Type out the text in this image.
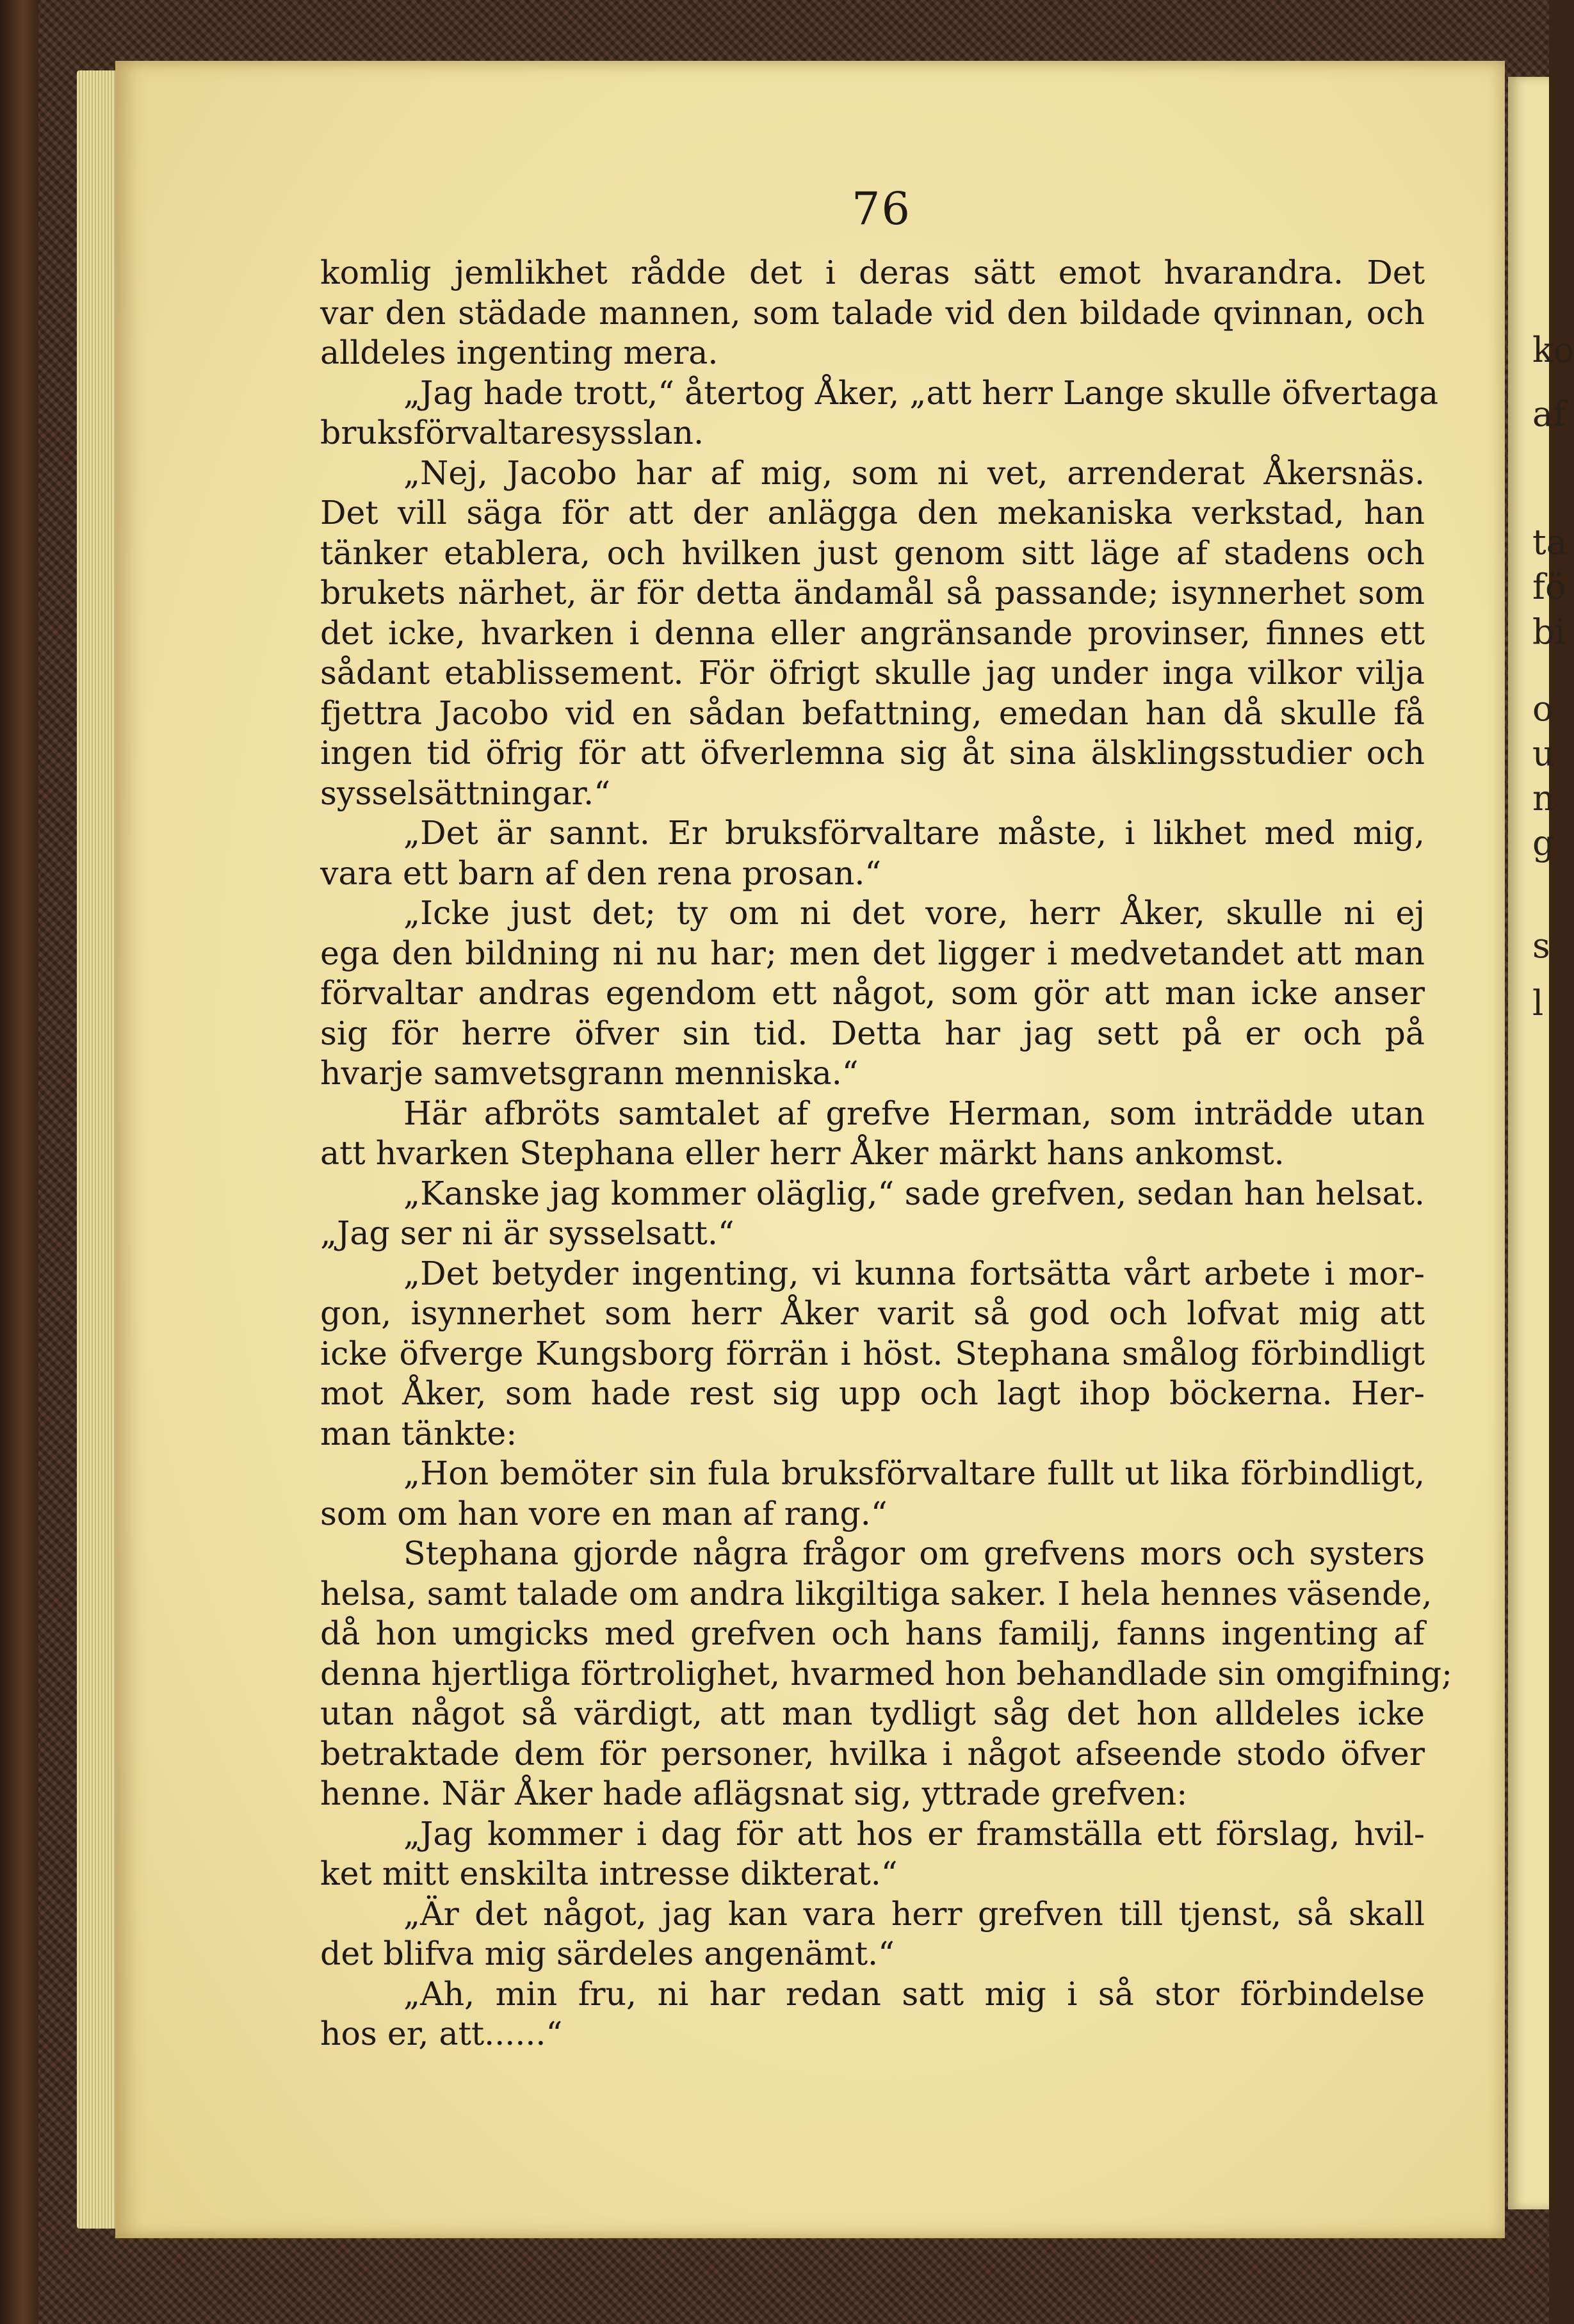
ko
af
ta
fö
bi
o
u
n
g
s
l
76
komlig jemlikhet rådde det i deras sätt emot hvarandra. Det
var den städade mannen, som talade vid den bildade qvinnan, och
alldeles ingenting mera.
„Jag hade trott,“ återtog Åker, „att herr Lange skulle öfvertaga
bruksförvaltaresysslan.
„Nej, Jacobo har af mig, som ni vet, arrenderat Åkersnäs.
Det vill säga för att der anlägga den mekaniska verkstad, han
tänker etablera, och hvilken just genom sitt läge af stadens och
brukets närhet, är för detta ändamål så passande; isynnerhet som
det icke, hvarken i denna eller angränsande provinser, finnes ett
sådant etablissement. För öfrigt skulle jag under inga vilkor vilja
fjettra Jacobo vid en sådan befattning, emedan han då skulle få
ingen tid öfrig för att öfverlemna sig åt sina älsklingsstudier och
sysselsättningar.“
„Det är sannt. Er bruksförvaltare måste, i likhet med mig,
vara ett barn af den rena prosan.“
„Icke just det; ty om ni det vore, herr Åker, skulle ni ej
ega den bildning ni nu har; men det ligger i medvetandet att man
förvaltar andras egendom ett något, som gör att man icke anser
sig för herre öfver sin tid. Detta har jag sett på er och på
hvarje samvetsgrann menniska.“
Här afbröts samtalet af grefve Herman, som inträdde utan
att hvarken Stephana eller herr Åker märkt hans ankomst.
„Kanske jag kommer oläglig,“ sade grefven, sedan han helsat.
„Jag ser ni är sysselsatt.“
„Det betyder ingenting, vi kunna fortsätta vårt arbete i mor-
gon, isynnerhet som herr Åker varit så god och lofvat mig att
icke öfverge Kungsborg förrän i höst. Stephana smålog förbindligt
mot Åker, som hade rest sig upp och lagt ihop böckerna. Her-
man tänkte:
„Hon bemöter sin fula bruksförvaltare fullt ut lika förbindligt,
som om han vore en man af rang.“
Stephana gjorde några frågor om grefvens mors och systers
helsa, samt talade om andra likgiltiga saker. I hela hennes väsende,
då hon umgicks med grefven och hans familj, fanns ingenting af
denna hjertliga förtrolighet, hvarmed hon behandlade sin omgifning;
utan något så värdigt, att man tydligt såg det hon alldeles icke
betraktade dem för personer, hvilka i något afseende stodo öfver
henne. När Åker hade aflägsnat sig, yttrade grefven:
„Jag kommer i dag för att hos er framställa ett förslag, hvil-
ket mitt enskilta intresse dikterat.“
„Är det något, jag kan vara herr grefven till tjenst, så skall
det blifva mig särdeles angenämt.“
„Ah, min fru, ni har redan satt mig i så stor förbindelse
hos er, att......“
